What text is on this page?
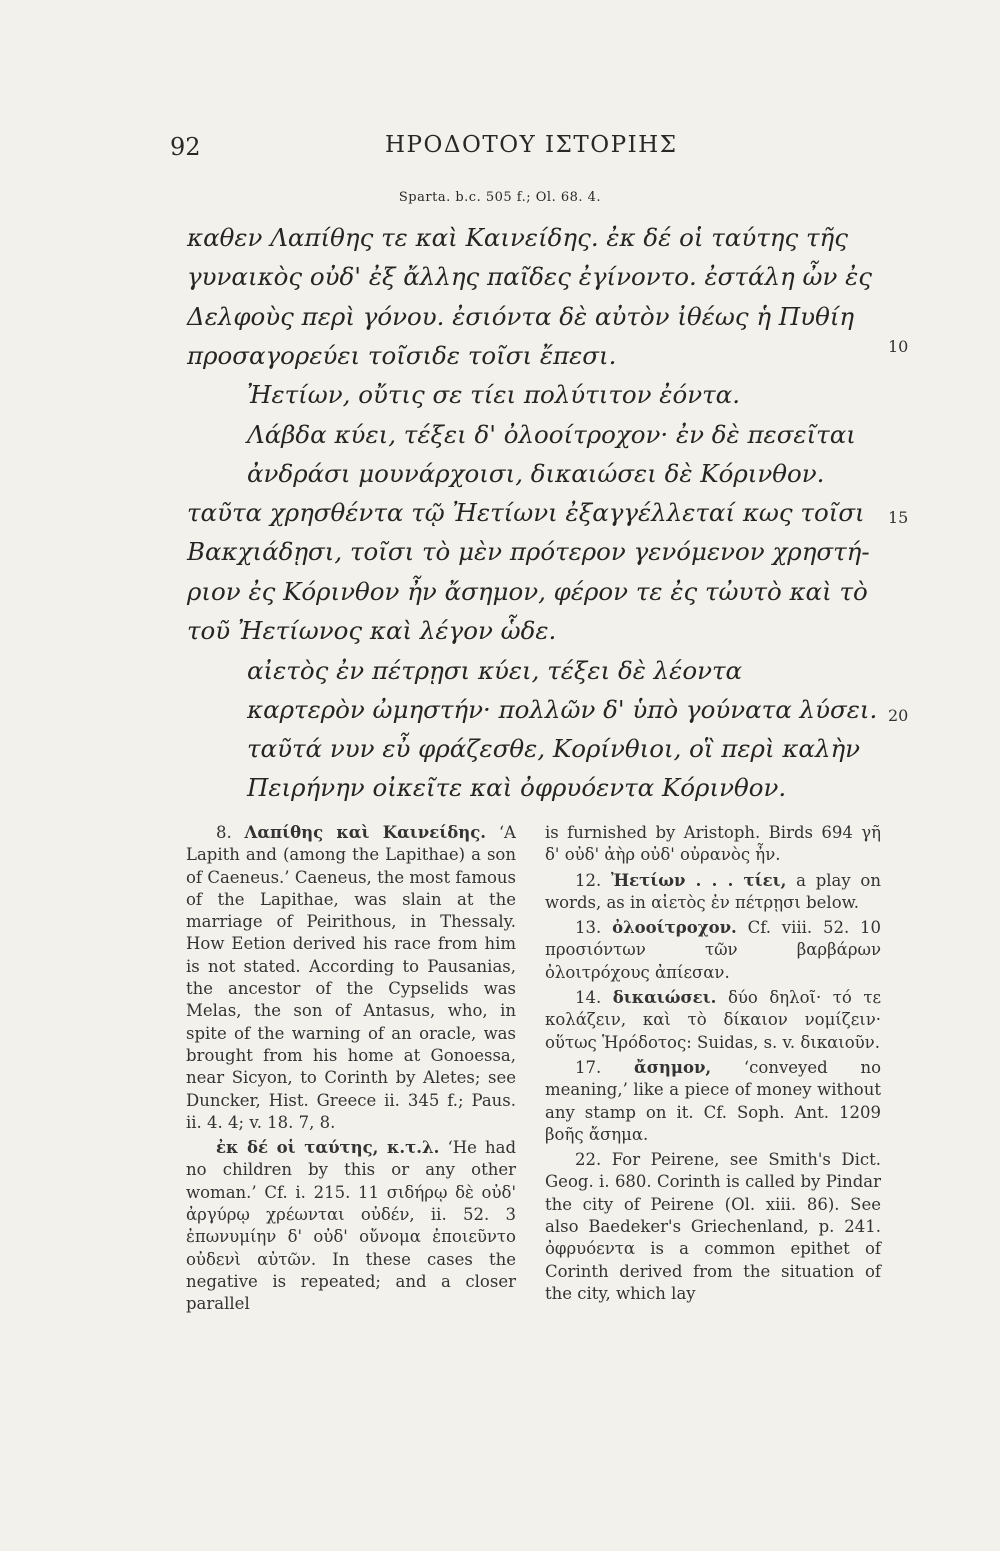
92	ΗΡΟΔΟΤΟΥ ΙΣΤΟΡΙΗΣ
Sparta. b.c. 505 f.; Ol. 68. 4.
καθεν Λαπίθης τε καὶ Καινείδης. ἐκ δέ οἱ ταύτης τῆς
γυναικὸς οὐδ' ἐξ ἄλλης παῖδες ἐγίνοντο. ἐστάλη ὦν ἐς
Δελφοὺς περὶ γόνου. ἐσιόντα δὲ αὐτὸν ἰθέως ἡ Πυθίη
προσαγορεύει τοῖσιδε τοῖσι ἔπεσι.
Ἠετίων, οὔτις σε τίει πολύτιτον ἐόντα.
Λάβδα κύει, τέξει δ' ὀλοοίτροχον· ἐν δὲ πεσεῖται
ἀνδράσι μουνάρχοισι, δικαιώσει δὲ Κόρινθον.
ταῦτα χρησθέντα τῷ Ἠετίωνι ἐξαγγέλλεταί κως τοῖσι
Βακχιάδῃσι, τοῖσι τὸ μὲν πρότερον γενόμενον χρηστή-
ριον ἐς Κόρινθον ἦν ἄσημον, φέρον τε ἐς τὠυτὸ καὶ τὸ
τοῦ Ἠετίωνος καὶ λέγον ὧδε.
αἰετὸς ἐν πέτρῃσι κύει, τέξει δὲ λέοντα
καρτερὸν ὠμηστήν· πολλῶν δ' ὑπὸ γούνατα λύσει.
ταῦτά νυν εὖ φράζεσθε, Κορίνθιοι, οἳ περὶ καλὴν
Πειρήνην οἰκεῖτε καὶ ὀφρυόεντα Κόρινθον.
10
15
20

8. Λαπίθης καὶ Καινείδης. ‘A Lapith and (among the Lapithae) a son of Caeneus.’ Caeneus, the most famous of the Lapithae, was slain at the marriage of Peirithous, in Thessaly. How Eetion derived his race from him is not stated. According to Pausanias, the ancestor of the Cypselids was Melas, the son of Antasus, who, in spite of the warning of an oracle, was brought from his home at Gonoessa, near Sicyon, to Corinth by Aletes; see Duncker, Hist. Greece ii. 345 f.; Paus. ii. 4. 4; v. 18. 7, 8.

ἐκ δέ οἱ ταύτης, κ.τ.λ. ‘He had no children by this or any other woman.’ Cf. i. 215. 11 σιδήρῳ δὲ οὐδ' ἀργύρῳ χρέωνται οὐδέν, ii. 52. 3 ἐπωνυμίην δ' οὐδ' οὔνομα ἐποιεῦντο οὐδενὶ αὐτῶν. In these cases the negative is repeated; and a closer parallel

is furnished by Aristoph. Birds 694 γῆ δ' οὐδ' ἀὴρ οὐδ' οὐρανὸς ἦν.

12. Ἠετίων . . . τίει, a play on words, as in αἰετὸς ἐν πέτρῃσι below.

13. ὀλοοίτροχον. Cf. viii. 52. 10 προσιόντων τῶν βαρβάρων ὀλοιτρόχους ἀπίεσαν.

14. δικαιώσει. δύο δηλοῖ· τό τε κολάζειν, καὶ τὸ δίκαιον νομίζειν· οὕτως Ἡρόδοτος: Suidas, s. v. δικαιοῦν.

17. ἄσημον, ‘conveyed no meaning,’ like a piece of money without any stamp on it. Cf. Soph. Ant. 1209 βοῆς ἄσημα.

22. For Peirene, see Smith's Dict. Geog. i. 680. Corinth is called by Pindar the city of Peirene (Ol. xiii. 86). See also Baedeker's Griechenland, p. 241. ὀφρυόεντα is a common epithet of Corinth derived from the situation of the city, which lay
